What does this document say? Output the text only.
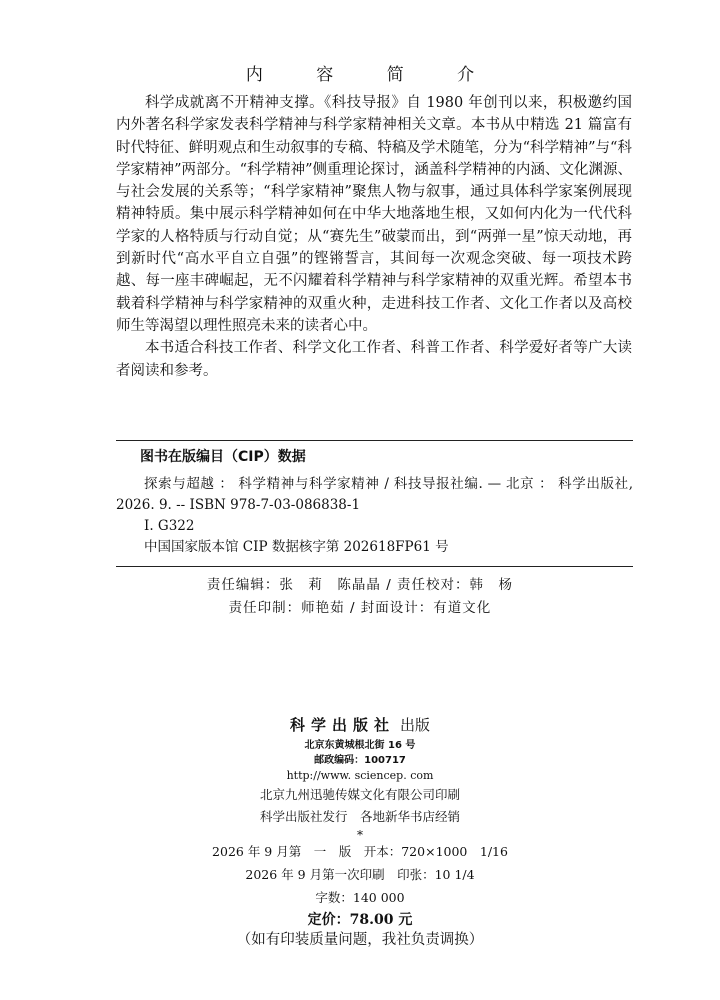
内 容 简 介

科学成就离不开精神支撑。《科技导报》自 1980 年创刊以来，积极邀约国内外著名科学家发表科学精神与科学家精神相关文章。本书从中精选 21 篇富有时代特征、鲜明观点和生动叙事的专稿、特稿及学术随笔，分为“科学精神”与“科学家精神”两部分。“科学精神”侧重理论探讨，涵盖科学精神的内涵、文化渊源、与社会发展的关系等；“科学家精神”聚焦人物与叙事，通过具体科学家案例展现精神特质。集中展示科学精神如何在中华大地落地生根，又如何内化为一代代科学家的人格特质与行动自觉；从“赛先生”破蒙而出，到“两弹一星”惊天动地，再到新时代“高水平自立自强”的铿锵誓言，其间每一次观念突破、每一项技术跨越、每一座丰碑崛起，无不闪耀着科学精神与科学家精神的双重光辉。希望本书载着科学精神与科学家精神的双重火种，走进科技工作者、文化工作者以及高校师生等渴望以理性照亮未来的读者心中。

本书适合科技工作者、科学文化工作者、科普工作者、科学爱好者等广大读者阅读和参考。

图书在版编目（CIP）数据

探索与超越 ： 科学精神与科学家精神 / 科技导报社编. — 北京 ： 科学出版社, 2026. 9. -- ISBN 978-7-03-086838-1

Ⅰ. G322

中国国家版本馆 CIP 数据核字第 202618FP61 号

责任编辑：张　莉　陈晶晶 / 责任校对：韩　杨
责任印制：师艳茹 / 封面设计：有道文化
科学出版社 出版
北京东黄城根北街 16 号
邮政编码：100717
http://www. sciencep. com
北京九州迅驰传媒文化有限公司印刷
科学出版社发行　各地新华书店经销
*
2026 年 9 月第　一　版　开本：720×1000　1/16
2026 年 9 月第一次印刷　印张：10 1/4
字数：140 000
定价：78.00 元
（如有印装质量问题，我社负责调换）
